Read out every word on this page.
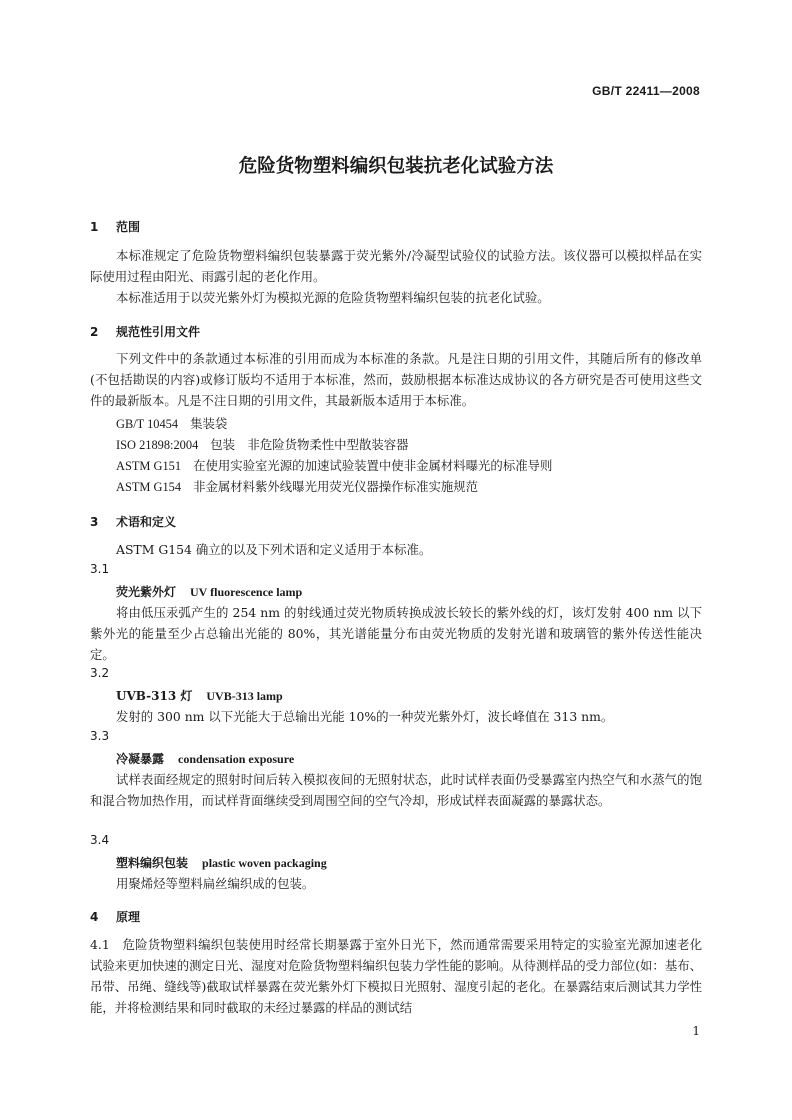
GB/T 22411—2008
危险货物塑料编织包装抗老化试验方法
1 范围
本标准规定了危险货物塑料编织包装暴露于荧光紫外/冷凝型试验仪的试验方法。该仪器可以模拟样品在实际使用过程由阳光、雨露引起的老化作用。
本标准适用于以荧光紫外灯为模拟光源的危险货物塑料编织包装的抗老化试验。
2 规范性引用文件
下列文件中的条款通过本标准的引用而成为本标准的条款。凡是注日期的引用文件，其随后所有的修改单(不包括勘误的内容)或修订版均不适用于本标准，然而，鼓励根据本标准达成协议的各方研究是否可使用这些文件的最新版本。凡是不注日期的引用文件，其最新版本适用于本标准。
GB/T 10454 集装袋
ISO 21898:2004 包装　非危险货物柔性中型散装容器
ASTM G151 在使用实验室光源的加速试验装置中使非金属材料曝光的标准导则
ASTM G154 非金属材料紫外线曝光用荧光仪器操作标准实施规范
3 术语和定义
ASTM G154 确立的以及下列术语和定义适用于本标准。
3.1
荧光紫外灯 UV fluorescence lamp
将由低压汞弧产生的 254 nm 的射线通过荧光物质转换成波长较长的紫外线的灯，该灯发射 400 nm 以下紫外光的能量至少占总输出光能的 80%，其光谱能量分布由荧光物质的发射光谱和玻璃管的紫外传送性能决定。
3.2
UVB-313 灯 UVB-313 lamp
发射的 300 nm 以下光能大于总输出光能 10%的一种荧光紫外灯，波长峰值在 313 nm。
3.3
冷凝暴露 condensation exposure
试样表面经规定的照射时间后转入模拟夜间的无照射状态，此时试样表面仍受暴露室内热空气和水蒸气的饱和混合物加热作用，而试样背面继续受到周围空间的空气冷却，形成试样表面凝露的暴露状态。
3.4
塑料编织包装 plastic woven packaging
用聚烯烃等塑料扁丝编织成的包装。
4 原理
4.1　危险货物塑料编织包装使用时经常长期暴露于室外日光下，然而通常需要采用特定的实验室光源加速老化试验来更加快速的测定日光、湿度对危险货物塑料编织包装力学性能的影响。从待测样品的受力部位(如：基布、吊带、吊绳、缝线等)截取试样暴露在荧光紫外灯下模拟日光照射、湿度引起的老化。在暴露结束后测试其力学性能，并将检测结果和同时截取的未经过暴露的样品的测试结
1
